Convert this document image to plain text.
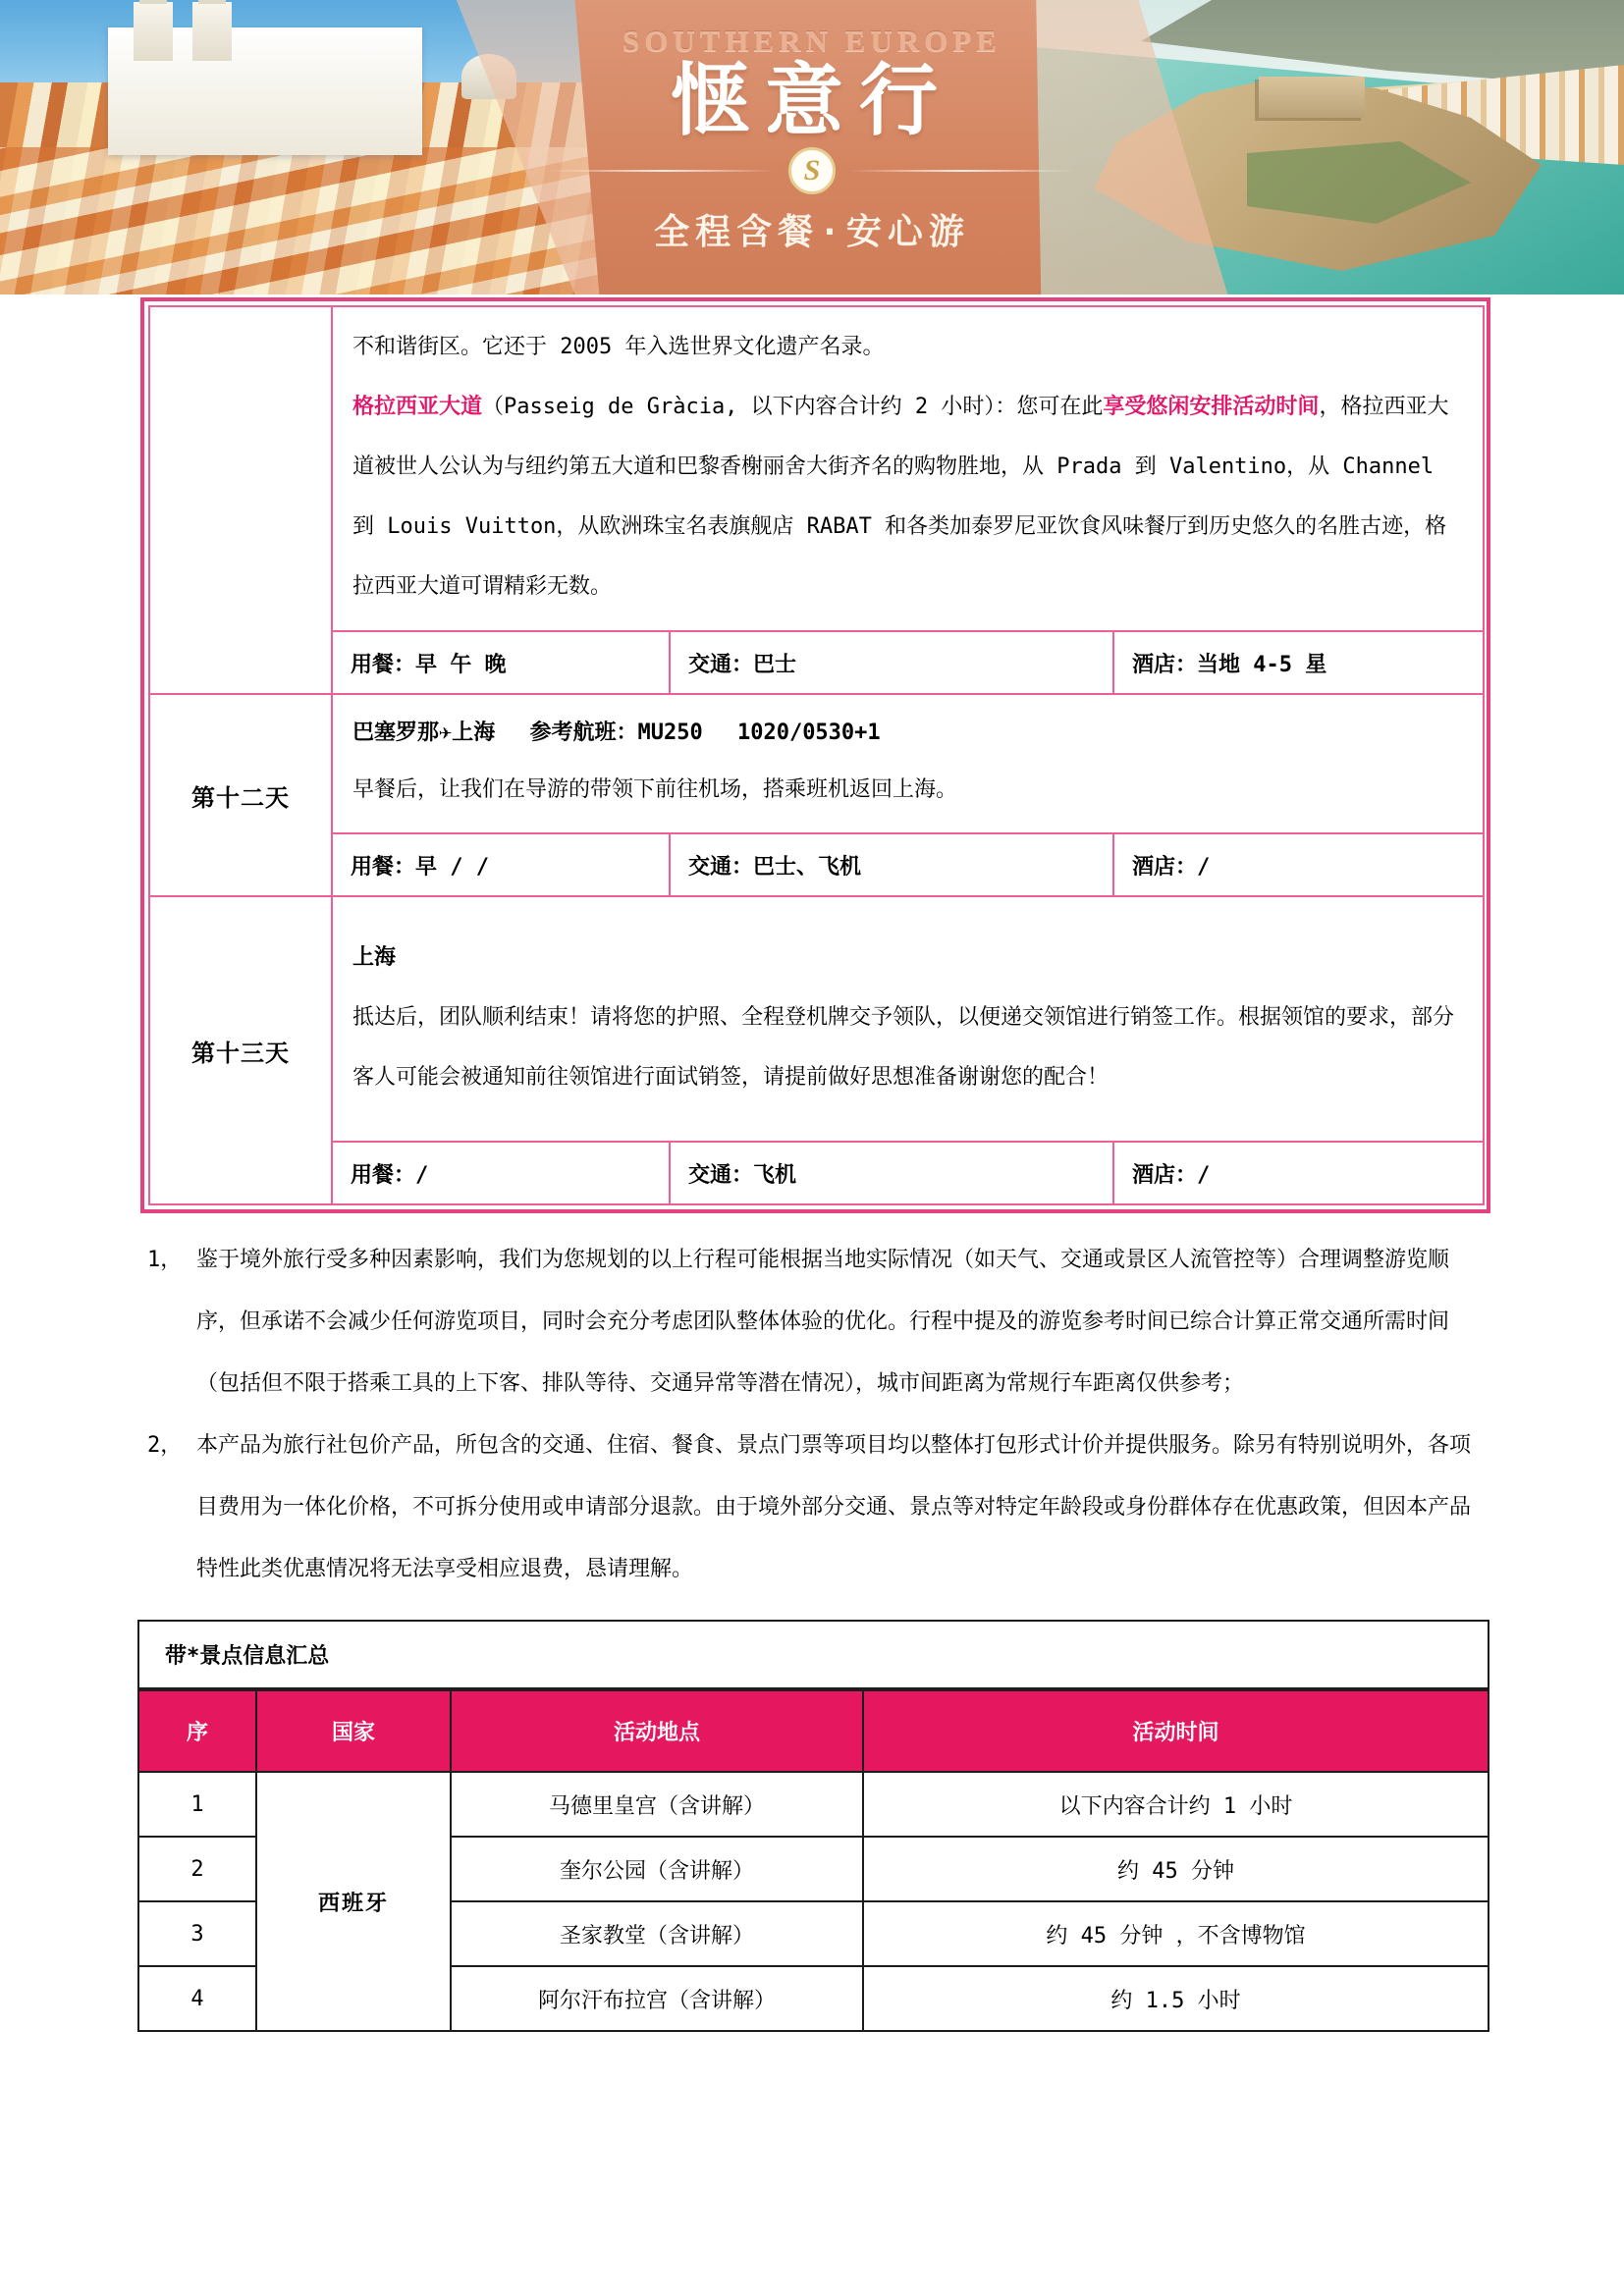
SOUTHERN EUROPE
惬意行
S
全程含餐·安心游

	不和谐街区。它还于 2005 年入选世界文化遗产名录。

格拉西亚大道（Passeig de Gràcia, 以下内容合计约 2 小时）：您可在此享受悠闲安排活动时间，格拉西亚大道被世人公认为与纽约第五大道和巴黎香榭丽舍大街齐名的购物胜地，从 Prada 到 Valentino，从 Channel 到 Louis Vuitton，从欧洲珠宝名表旗舰店 RABAT 和各类加泰罗尼亚饮食风味餐厅到历史悠久的名胜古迹，格拉西亚大道可谓精彩无数。		

	用餐：早 午 晚	交通：巴士	酒店：当地 4-5 星
第十二天	巴塞罗那✈上海　 参考航班：MU250　 1020/0530+1

早餐后，让我们在导游的带领下前往机场，搭乘班机返回上海。		

	用餐：早 / /	交通：巴士、飞机	酒店：/
第十三天	上海

抵达后，团队顺利结束！请将您的护照、全程登机牌交予领队，以便递交领馆进行销签工作。根据领馆的要求，部分客人可能会被通知前往领馆进行面试销签，请提前做好思想准备谢谢您的配合！		

	用餐：/	交通：飞机	酒店：/
1， 鉴于境外旅行受多种因素影响，我们为您规划的以上行程可能根据当地实际情况（如天气、交通或景区人流管控等）合理调整游览顺序，但承诺不会减少任何游览项目，同时会充分考虑团队整体体验的优化。行程中提及的游览参考时间已综合计算正常交通所需时间（包括但不限于搭乘工具的上下客、排队等待、交通异常等潜在情况），城市间距离为常规行车距离仅供参考；
2， 本产品为旅行社包价产品，所包含的交通、住宿、餐食、景点门票等项目均以整体打包形式计价并提供服务。除另有特别说明外，各项目费用为一体化价格，不可拆分使用或申请部分退款。由于境外部分交通、景点等对特定年龄段或身份群体存在优惠政策，但因本产品特性此类优惠情况将无法享受相应退费，恳请理解。
带*景点信息汇总			
序	国家	活动地点	活动时间
1	西班牙	马德里皇宫（含讲解）	以下内容合计约 1 小时
2		奎尔公园（含讲解）	约 45 分钟
3		圣家教堂（含讲解）	约 45 分钟 ，不含博物馆
4		阿尔汗布拉宫（含讲解）	约 1.5 小时
